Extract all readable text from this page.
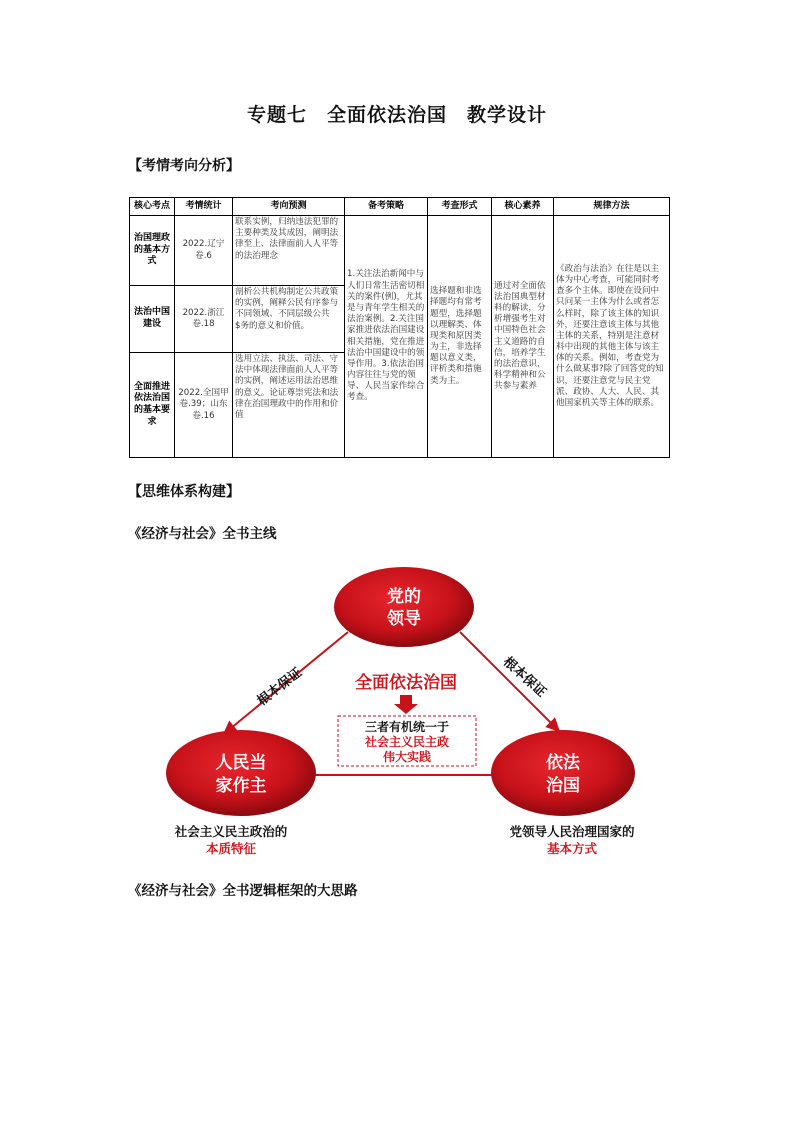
专题七　全面依法治国　教学设计
【考情考向分析】
核心考点	考情统计	考向预测	备考策略	考查形式	核心素养	规律方法
治国理政的基本方式	2022.辽宁卷.6	联系实例，归纳违法犯罪的主要种类及其成因，阐明法律至上、法律面前人人平等的法治理念	1.关注法治新闻中与人们日常生活密切相关的案件(例)，尤其是与青年学生相关的法治案例。2.关注国家推进依法治国建设相关措施，党在推进法治中国建设中的领导作用。3.依法治国内容往往与党的领导、人民当家作综合考查。	选择题和非选择题均有常考题型，选择题以理解类、体现类和原因类为主，非选择题以意义类，评析类和措施类为主。	通过对全面依法治国典型材料的解读，分析增强考生对中国特色社会主义道路的自信，培养学生的法治意识，科学精神和公共参与素养	《政治与法治》在往是以主体为中心考查，可能同时考查多个主体。即使在设问中只问某一主体为什么或者怎么样时，除了该主体的知识外，还要注意该主体与其他主体的关系，特别是注意材料中出现的其他主体与该主体的关系。例如，考查党为什么做某事?除了回答党的知识，还要注意党与民主党派、政协、人大、人民、其他国家机关等主体的联系。
法治中国建设	2022.浙江卷.18	剖析公共机构制定公共政策的实例，阐释公民有序参与不同领域、不同层级公共$务的意义和价值。				
全面推进依法治国的基本要求	2022.全国甲卷.39；山东卷.16	选用立法、执法、司法、守法中体现法律面前人人平等的实例，阐述运用法治思维的意义。论证尊崇宪法和法律在治国理政中的作用和价值				
【思维体系构建】
《经济与社会》全书主线
根本保证	根本保证
党的
领导
人民当
家作主
依法
治国
全面依法治国
三者有机统一于
社会主义民主政
伟大实践
社会主义民主政治的
本质特征
党领导人民治理国家的
基本方式
《经济与社会》全书逻辑框架的大思路
